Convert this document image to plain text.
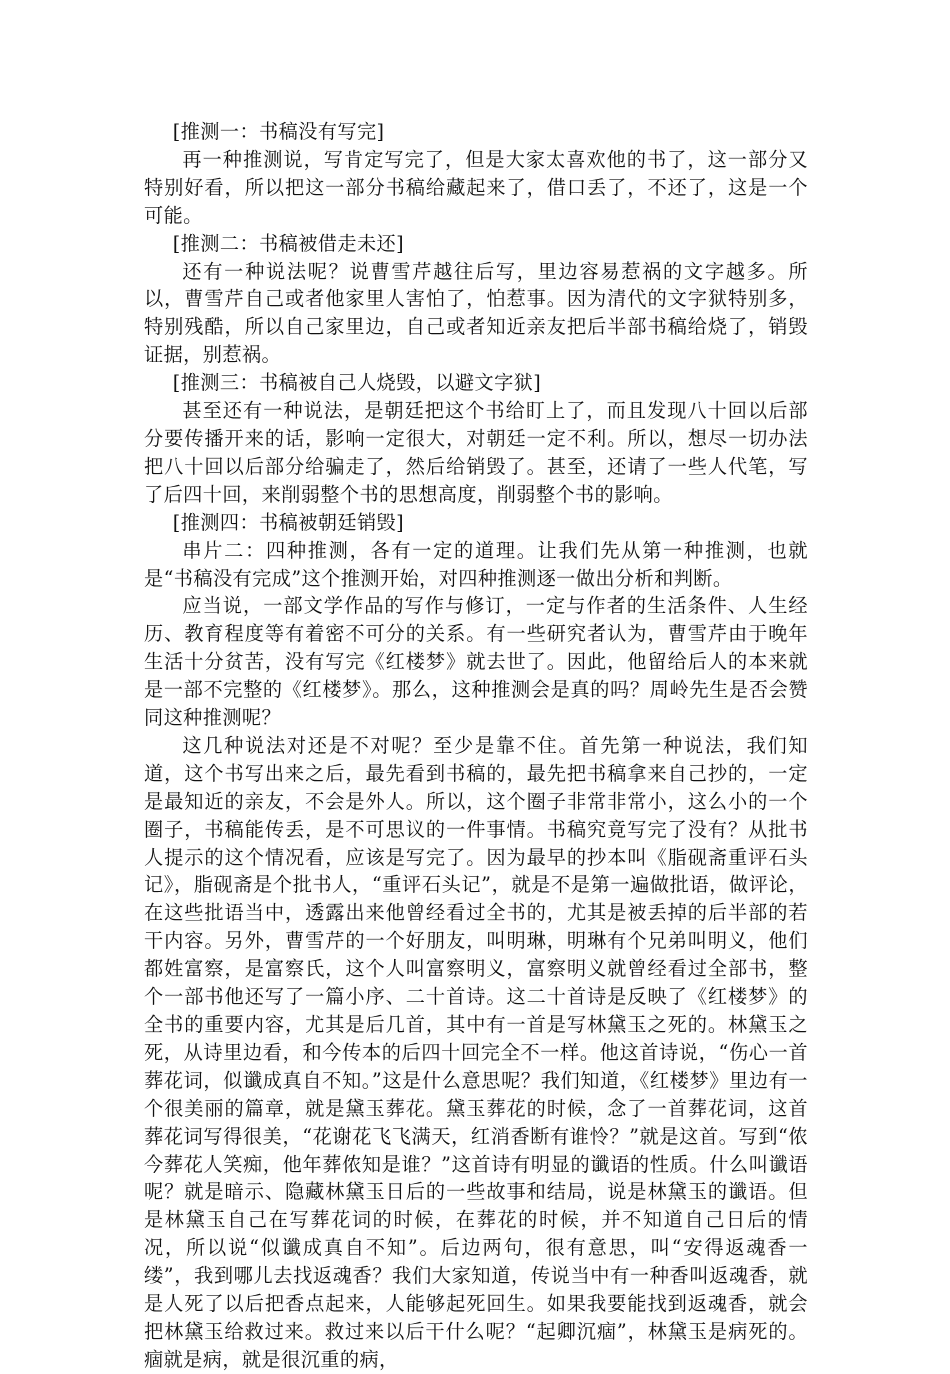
[推测一：书稿没有写完]

再一种推测说，写肯定写完了，但是大家太喜欢他的书了，这一部分又特别好看，所以把这一部分书稿给藏起来了，借口丢了，不还了，这是一个可能。

[推测二：书稿被借走未还]

还有一种说法呢？说曹雪芹越往后写，里边容易惹祸的文字越多。所以，曹雪芹自己或者他家里人害怕了，怕惹事。因为清代的文字狱特别多，特别残酷，所以自己家里边，自己或者知近亲友把后半部书稿给烧了，销毁证据，别惹祸。

[推测三：书稿被自己人烧毁，以避文字狱]

甚至还有一种说法，是朝廷把这个书给盯上了，而且发现八十回以后部分要传播开来的话，影响一定很大，对朝廷一定不利。所以，想尽一切办法把八十回以后部分给骗走了，然后给销毁了。甚至，还请了一些人代笔，写了后四十回，来削弱整个书的思想高度，削弱整个书的影响。

[推测四：书稿被朝廷销毁]

串片二：四种推测，各有一定的道理。让我们先从第一种推测，也就是“书稿没有完成”这个推测开始，对四种推测逐一做出分析和判断。

应当说，一部文学作品的写作与修订，一定与作者的生活条件、人生经历、教育程度等有着密不可分的关系。有一些研究者认为，曹雪芹由于晚年生活十分贫苦，没有写完《红楼梦》就去世了。因此，他留给后人的本来就是一部不完整的《红楼梦》。那么，这种推测会是真的吗？周岭先生是否会赞同这种推测呢？

这几种说法对还是不对呢？至少是靠不住。首先第一种说法，我们知道，这个书写出来之后，最先看到书稿的，最先把书稿拿来自己抄的，一定是最知近的亲友，不会是外人。所以，这个圈子非常非常小，这么小的一个圈子，书稿能传丢，是不可思议的一件事情。书稿究竟写完了没有？从批书人提示的这个情况看，应该是写完了。因为最早的抄本叫《脂砚斋重评石头记》，脂砚斋是个批书人，“重评石头记”，就是不是第一遍做批语，做评论，在这些批语当中，透露出来他曾经看过全书的，尤其是被丢掉的后半部的若干内容。另外，曹雪芹的一个好朋友，叫明琳，明琳有个兄弟叫明义，他们都姓富察，是富察氏，这个人叫富察明义，富察明义就曾经看过全部书，整个一部书他还写了一篇小序、二十首诗。这二十首诗是反映了《红楼梦》的全书的重要内容，尤其是后几首，其中有一首是写林黛玉之死的。林黛玉之死，从诗里边看，和今传本的后四十回完全不一样。他这首诗说，“伤心一首葬花词，似谶成真自不知。”这是什么意思呢？我们知道，《红楼梦》里边有一个很美丽的篇章，就是黛玉葬花。黛玉葬花的时候，念了一首葬花词，这首葬花词写得很美，“花谢花飞飞满天，红消香断有谁怜？”就是这首。写到“侬今葬花人笑痴，他年葬侬知是谁？”这首诗有明显的谶语的性质。什么叫谶语呢？就是暗示、隐藏林黛玉日后的一些故事和结局，说是林黛玉的谶语。但是林黛玉自己在写葬花词的时候，在葬花的时候，并不知道自己日后的情况，所以说“似谶成真自不知”。后边两句，很有意思，叫“安得返魂香一缕”，我到哪儿去找返魂香？我们大家知道，传说当中有一种香叫返魂香，就是人死了以后把香点起来，人能够起死回生。如果我要能找到返魂香，就会把林黛玉给救过来。救过来以后干什么呢？“起卿沉痼”，林黛玉是病死的。痼就是病，就是很沉重的病，
